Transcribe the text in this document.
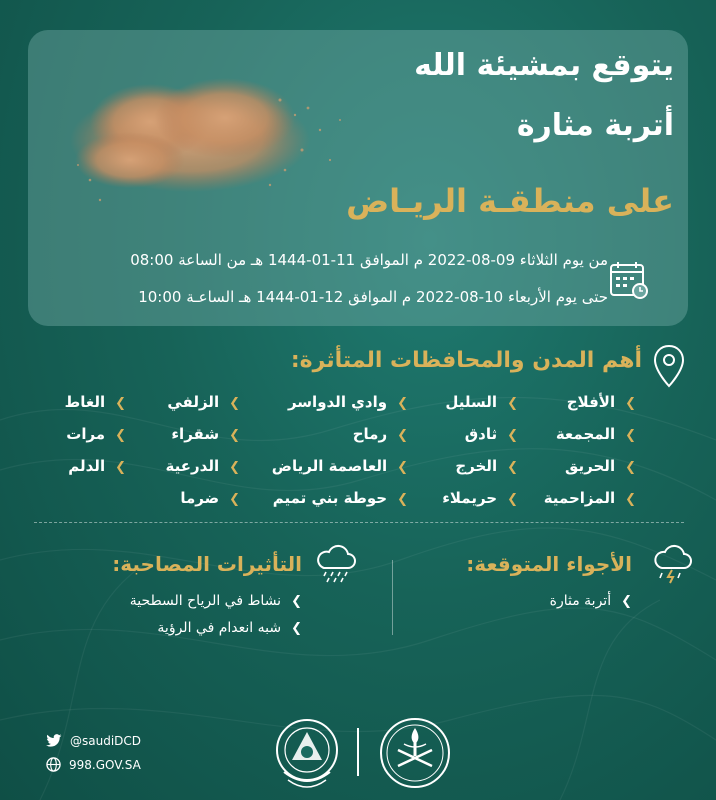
يتوقع بمشيئة الله
أتربة مثارة
على منطقـة الريـاض
من يوم الثلاثاء 09-08-2022 م الموافق 11-01-1444 هـ من الساعة 08:00
حتى يوم الأربعاء 10-08-2022 م الموافق 12-01-1444 هـ الساعـة 10:00
أهم المدن والمحافظات المتأثرة:
❯الأفلاج
❯المجمعة
❯الحريق
❯المزاحمية
❯السليل
❯ثادق
❯الخرج
❯حريملاء
❯وادي الدواسر
❯رماح
❯العاصمة الرياض
❯حوطة بني تميم
❯الزلفي
❯شقراء
❯الدرعية
❯ضرما
❯الغاط
❯مرات
❯الدلم
الأجواء المتوقعة:
❯أتربة مثارة
التأثيرات المصاحبة:
❯نشاط في الرياح السطحية
❯شبه انعدام في الرؤية
@saudiDCD
998.GOV.SA
